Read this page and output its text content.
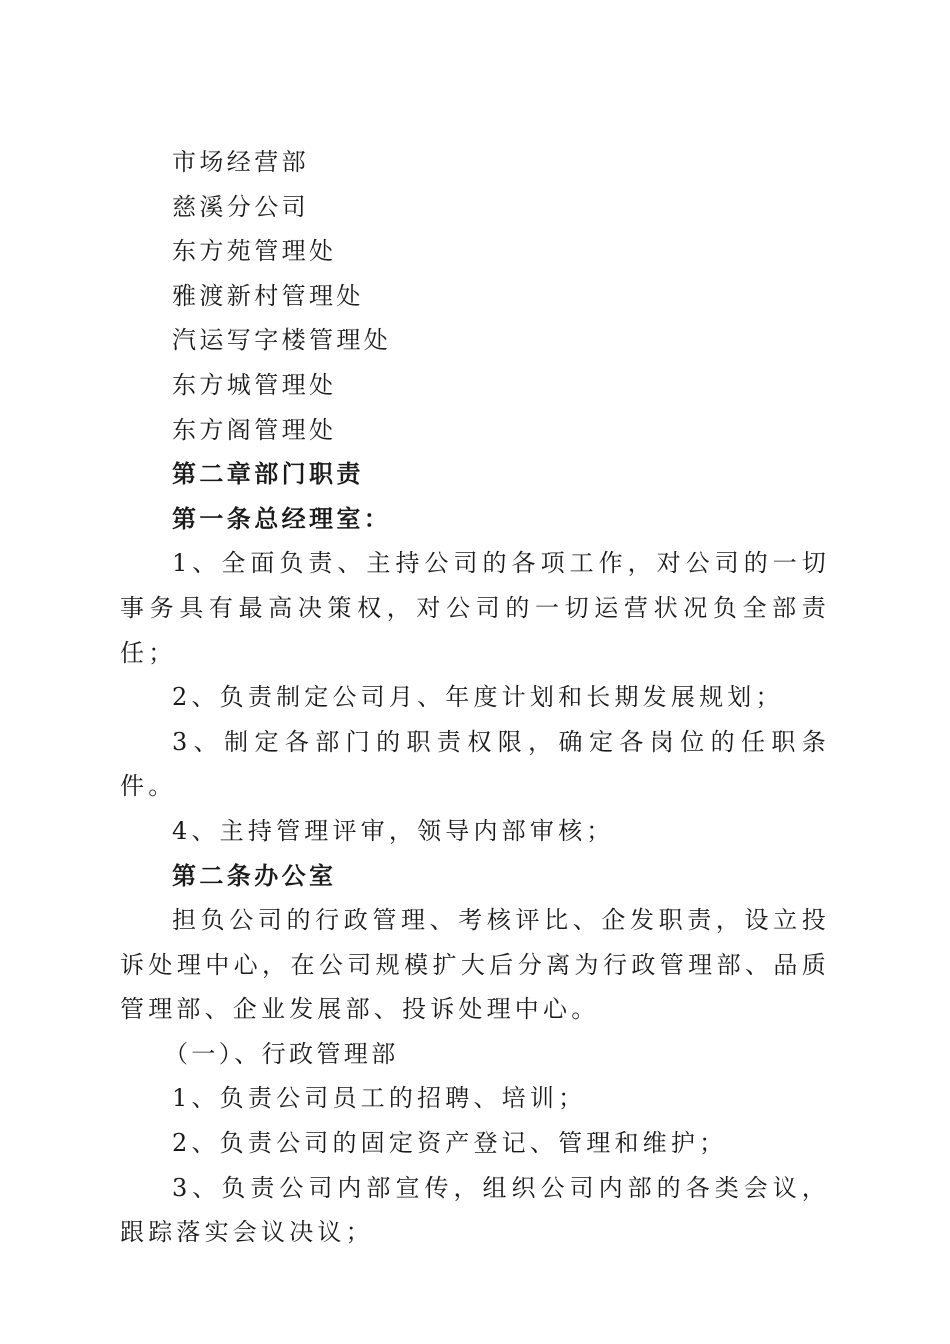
市场经营部

慈溪分公司

东方苑管理处

雅渡新村管理处

汽运写字楼管理处

东方城管理处

东方阁管理处

第二章部门职责

第一条总经理室：

1、全面负责、主持公司的各项工作，对公司的一切事务具有最高决策权，对公司的一切运营状况负全部责任；

2、负责制定公司月、年度计划和长期发展规划；

3、制定各部门的职责权限，确定各岗位的任职条件。

4、主持管理评审，领导内部审核；

第二条办公室

担负公司的行政管理、考核评比、企发职责，设立投诉处理中心，在公司规模扩大后分离为行政管理部、品质管理部、企业发展部、投诉处理中心。

（一）、行政管理部

1、负责公司员工的招聘、培训；

2、负责公司的固定资产登记、管理和维护；

3、负责公司内部宣传，组织公司内部的各类会议，跟踪落实会议决议；
